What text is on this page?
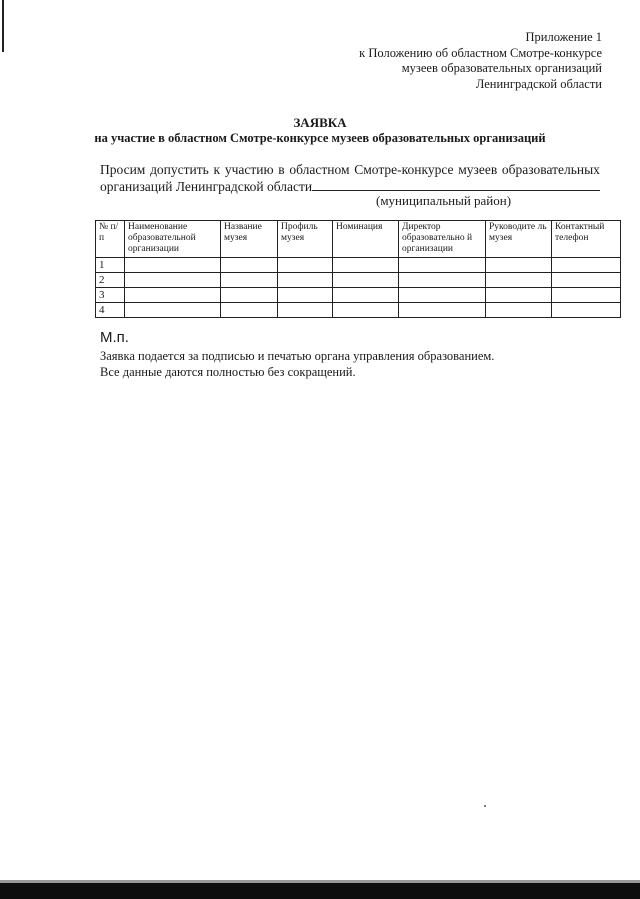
Приложение 1
к Положению об областном Смотре-конкурсе
музеев образовательных организаций
Ленинградской области
ЗАЯВКА
на участие в областном Смотре-конкурсе музеев образовательных организаций
Просим допустить к участию в областном Смотре-конкурсе музеев образовательных
организаций Ленинградской области
(муниципальный район)
№ п/п	Наименование образовательной организации	Название музея	Профиль музея	Номинация	Директор образовательно й организации	Руководите ль музея	Контактный телефон
1							
2							
3							
4							
М.п.
Заявка подается за подписью и печатью органа управления образованием.
Все данные даются полностью без сокращений.
